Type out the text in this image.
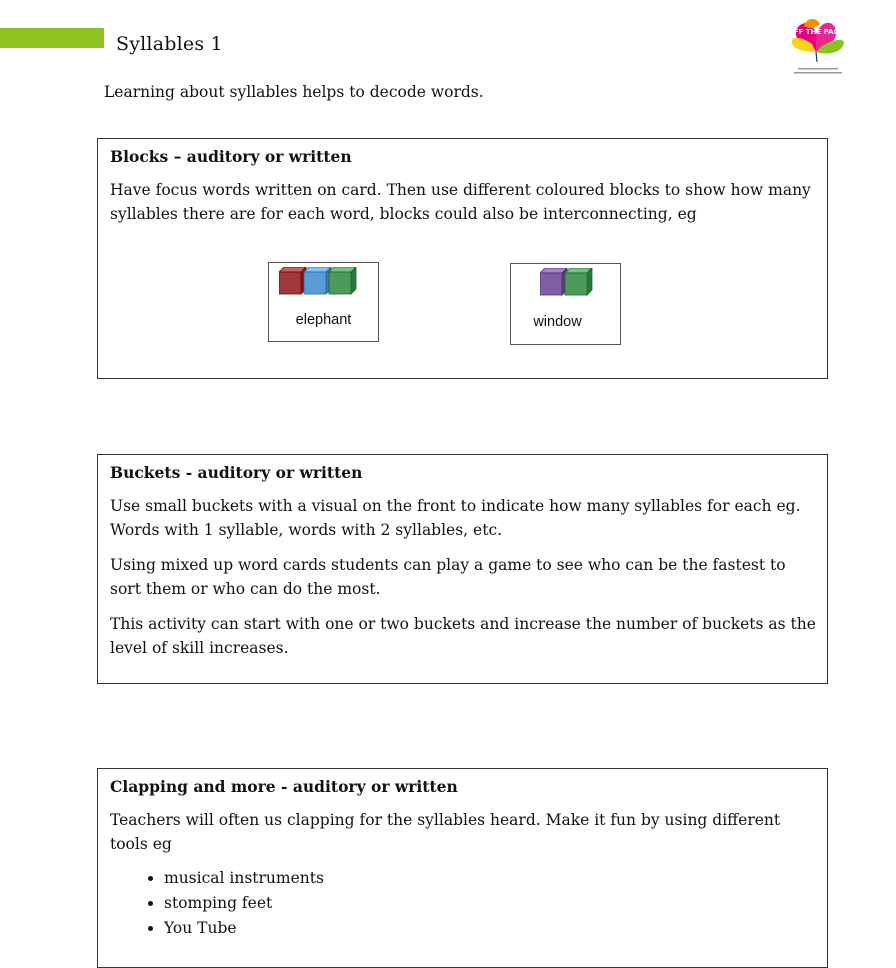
Syllables 1
OFF THE PAGE
Learning about syllables helps to decode words.
Blocks – auditory or written

Have focus words written on card. Then use different coloured blocks to show how many syllables there are for each word, blocks could also be interconnecting, eg

elephant	window
Buckets - auditory or written

Use small buckets with a visual on the front to indicate how many syllables for each eg. Words with 1 syllable, words with 2 syllables, etc.

Using mixed up word cards students can play a game to see who can be the fastest to sort them or who can do the most.

This activity can start with one or two buckets and increase the number of buckets as the level of skill increases.

Clapping and more - auditory or written

Teachers will often us clapping for the syllables heard. Make it fun by using different tools eg

• musical instruments
• stomping feet
• You Tube
